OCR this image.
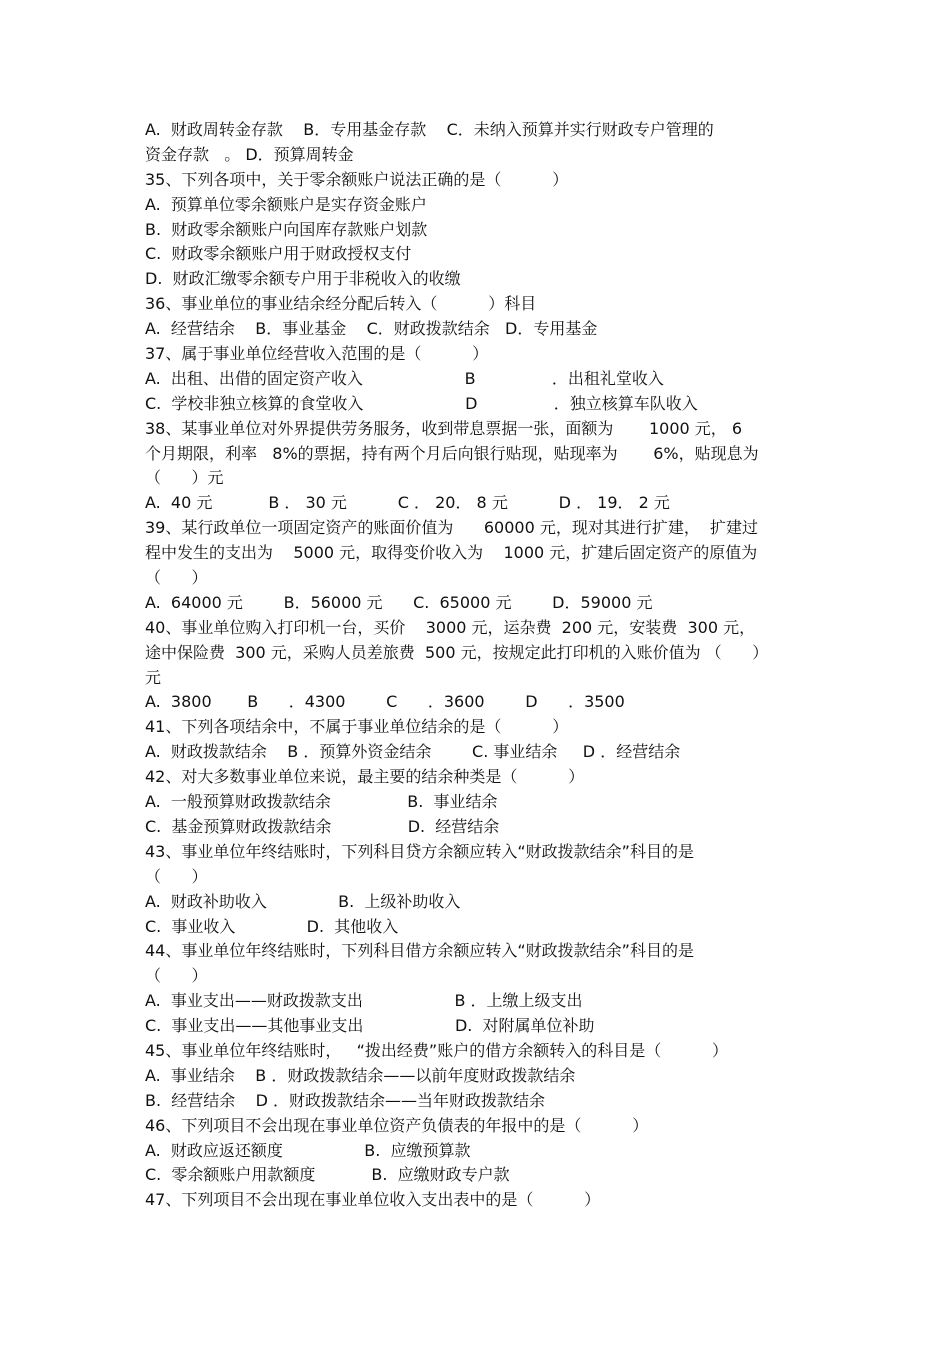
A.  财政周转金存款    B．专用基金存款    C．未纳入预算并实行财政专户管理的
资金存款   。 D．预算周转金
35、下列各项中，关于零余额账户说法正确的是（          ）
A.  预算单位零余额账户是实存资金账户
B.  财政零余额账户向国库存款账户划款
C.  财政零余额账户用于财政授权支付
D.  财政汇缴零余额专户用于非税收入的收缴
36、事业单位的事业结余经分配后转入（          ）科目
A.  经营结余    B．事业基金    C．财政拨款结余   D．专用基金
37、属于事业单位经营收入范围的是（          ）
A.  出租、出借的固定资产收入                    B               ．出租礼堂收入
C.  学校非独立核算的食堂收入                    D               ．独立核算车队收入
38、某事业单位对外界提供劳务服务，收到带息票据一张，面额为       1000 元， 6
个月期限，利率   8%的票据，持有两个月后向银行贴现，贴现率为       6%，贴现息为
（      ）元
A.  40 元           B ． 30 元          C ． 20． 8 元          D ． 19． 2 元
39、某行政单位一项固定资产的账面价值为      60000 元，现对其进行扩建，  扩建过
程中发生的支出为    5000 元，取得变价收入为    1000 元，扩建后固定资产的原值为
（      ）
A.  64000 元        B．56000 元      C.  65000 元        D．59000 元
40、事业单位购入打印机一台，买价    3000 元，运杂费  200 元，安装费  300 元，
途中保险费  300 元，采购人员差旅费  500 元，按规定此打印机的入账价值为 （      ）
元
A.  3800       B      ．4300        C      ．3600        D      ．3500
41、下列各项结余中，不属于事业单位结余的是（          ）
A.  财政拨款结余    B ．预算外资金结余        C. 事业结余     D ．经营结余
42、对大多数事业单位来说，最主要的结余种类是（          ）
A.  一般预算财政拨款结余               B.  事业结余
C.  基金预算财政拨款结余               D.  经营结余
43、事业单位年终结账时，下列科目贷方余额应转入“财政拨款结余”科目的是
（      ）
A.  财政补助收入              B.  上级补助收入
C.  事业收入              D.  其他收入
44、事业单位年终结账时，下列科目借方余额应转入“财政拨款结余”科目的是
（      ）
A.  事业支出——财政拨款支出                  B ．上缴上级支出
C.  事业支出——其他事业支出                  D.  对附属单位补助
45、事业单位年终结账时，   “拨出经费”账户的借方余额转入的科目是（          ）
A.  事业结余    B ．财政拨款结余——以前年度财政拨款结余
B.  经营结余    D ．财政拨款结余——当年财政拨款结余
46、下列项目不会出现在事业单位资产负债表的年报中的是（          ）
A.  财政应返还额度                B.  应缴预算款
C.  零余额账户用款额度           B.  应缴财政专户款
47、下列项目不会出现在事业单位收入支出表中的是（          ）
